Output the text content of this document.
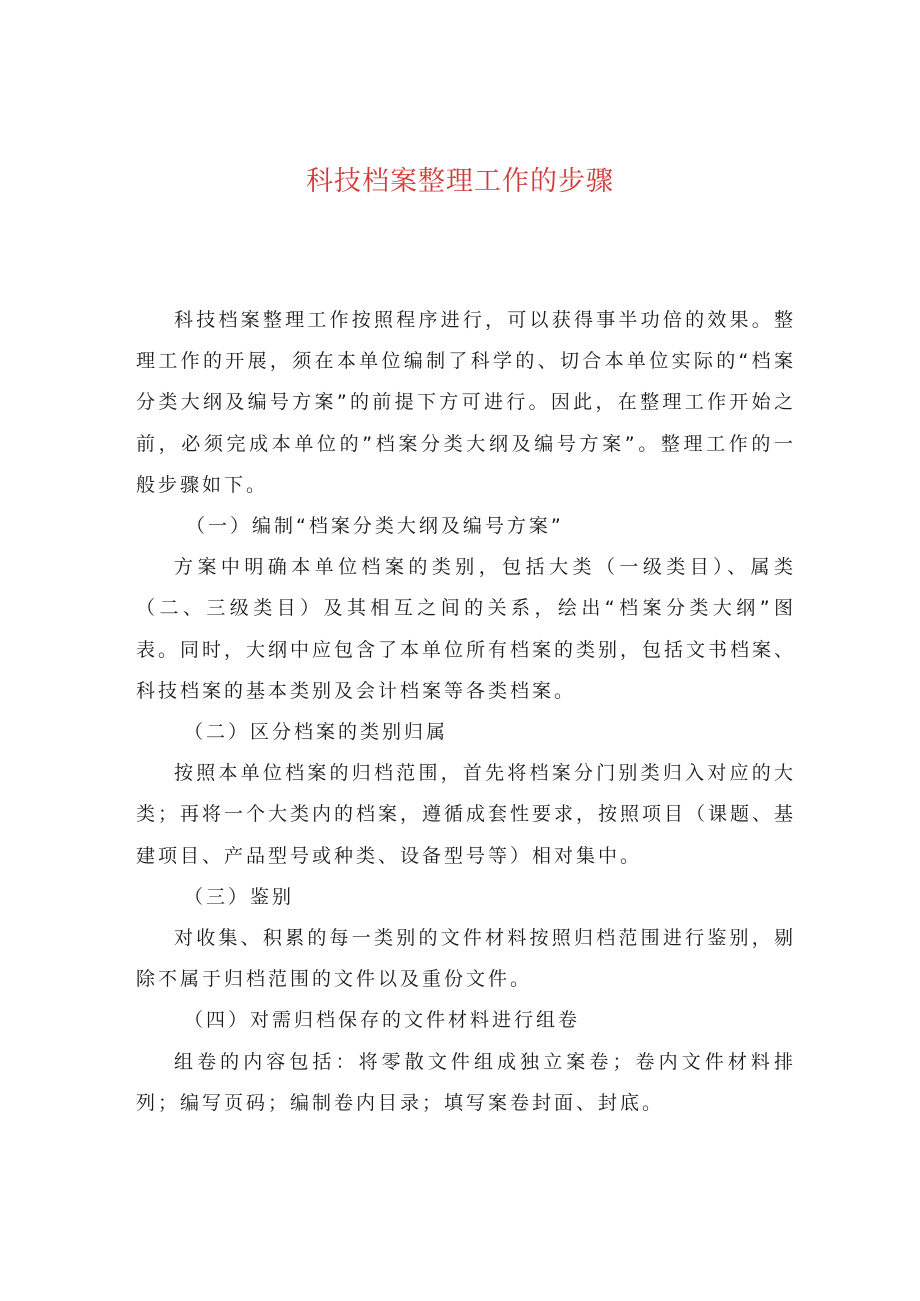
科技档案整理工作的步骤

科技档案整理工作按照程序进行，可以获得事半功倍的效果。整理工作的开展，须在本单位编制了科学的、切合本单位实际的“档案分类大纲及编号方案”的前提下方可进行。因此，在整理工作开始之前，必须完成本单位的”档案分类大纲及编号方案”。整理工作的一般步骤如下。

（一）编制“档案分类大纲及编号方案”

方案中明确本单位档案的类别，包括大类（一级类目）、属类（二、三级类目）及其相互之间的关系，绘出“档案分类大纲”图表。同时，大纲中应包含了本单位所有档案的类别，包括文书档案、科技档案的基本类别及会计档案等各类档案。

（二）区分档案的类别归属

按照本单位档案的归档范围，首先将档案分门别类归入对应的大类；再将一个大类内的档案，遵循成套性要求，按照项目（课题、基建项目、产品型号或种类、设备型号等）相对集中。

（三）鉴别

对收集、积累的每一类别的文件材料按照归档范围进行鉴别，剔除不属于归档范围的文件以及重份文件。

（四）对需归档保存的文件材料进行组卷

组卷的内容包括：将零散文件组成独立案卷；卷内文件材料排列；编写页码；编制卷内目录；填写案卷封面、封底。
